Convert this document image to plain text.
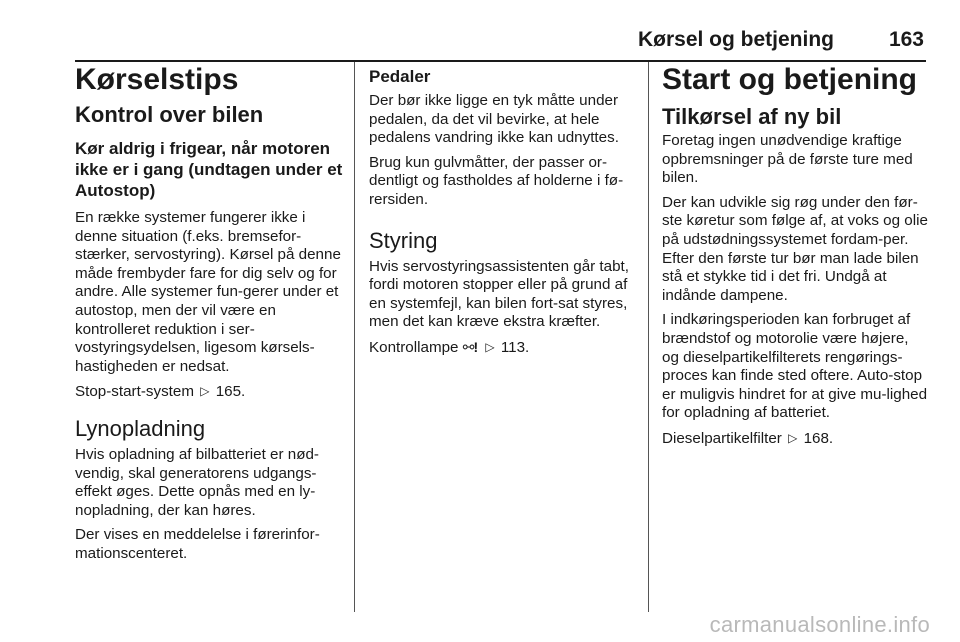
Kørsel og betjening	163
Kørselstips
Kontrol over bilen
Kør aldrig i frigear, når motoren ikke er i gang (undtagen under et Autostop)
En række systemer fungerer ikke i denne situation (f.eks. bremsefor-stærker, servostyring). Kørsel på denne måde frembyder fare for dig selv og for andre. Alle systemer fun-gerer under et autostop, men der vil være en kontrolleret reduktion i ser-vostyringsydelsen, ligesom kørsels-hastigheden er nedsat.
Stop-start-system ▷ 165.
Lynopladning
Hvis opladning af bilbatteriet er nød-vendig, skal generatorens udgangs-effekt øges. Dette opnås med en ly-nopladning, der kan høres.
Der vises en meddelelse i førerinfor-mationscenteret.
Pedaler
Der bør ikke ligge en tyk måtte under pedalen, da det vil bevirke, at hele pedalens vandring ikke kan udnyttes.
Brug kun gulvmåtter, der passer or-dentligt og fastholdes af holderne i fø-rersiden.
Styring
Hvis servostyringsassistenten går tabt, fordi motoren stopper eller på grund af en systemfejl, kan bilen fort-sat styres, men det kan kræve ekstra kræfter.
Kontrollampe ⚯! ▷ 113.
Start og betjening
Tilkørsel af ny bil
Foretag ingen unødvendige kraftige opbremsninger på de første ture med bilen.
Der kan udvikle sig røg under den før-ste køretur som følge af, at voks og olie på udstødningssystemet fordam-per. Efter den første tur bør man lade bilen stå et stykke tid i det fri. Undgå at indånde dampene.
I indkøringsperioden kan forbruget af brændstof og motorolie være højere, og dieselpartikelfilterets rengørings-proces kan finde sted oftere. Auto-stop er muligvis hindret for at give mu-lighed for opladning af batteriet.
Dieselpartikelfilter ▷ 168.
carmanualsonline.info
